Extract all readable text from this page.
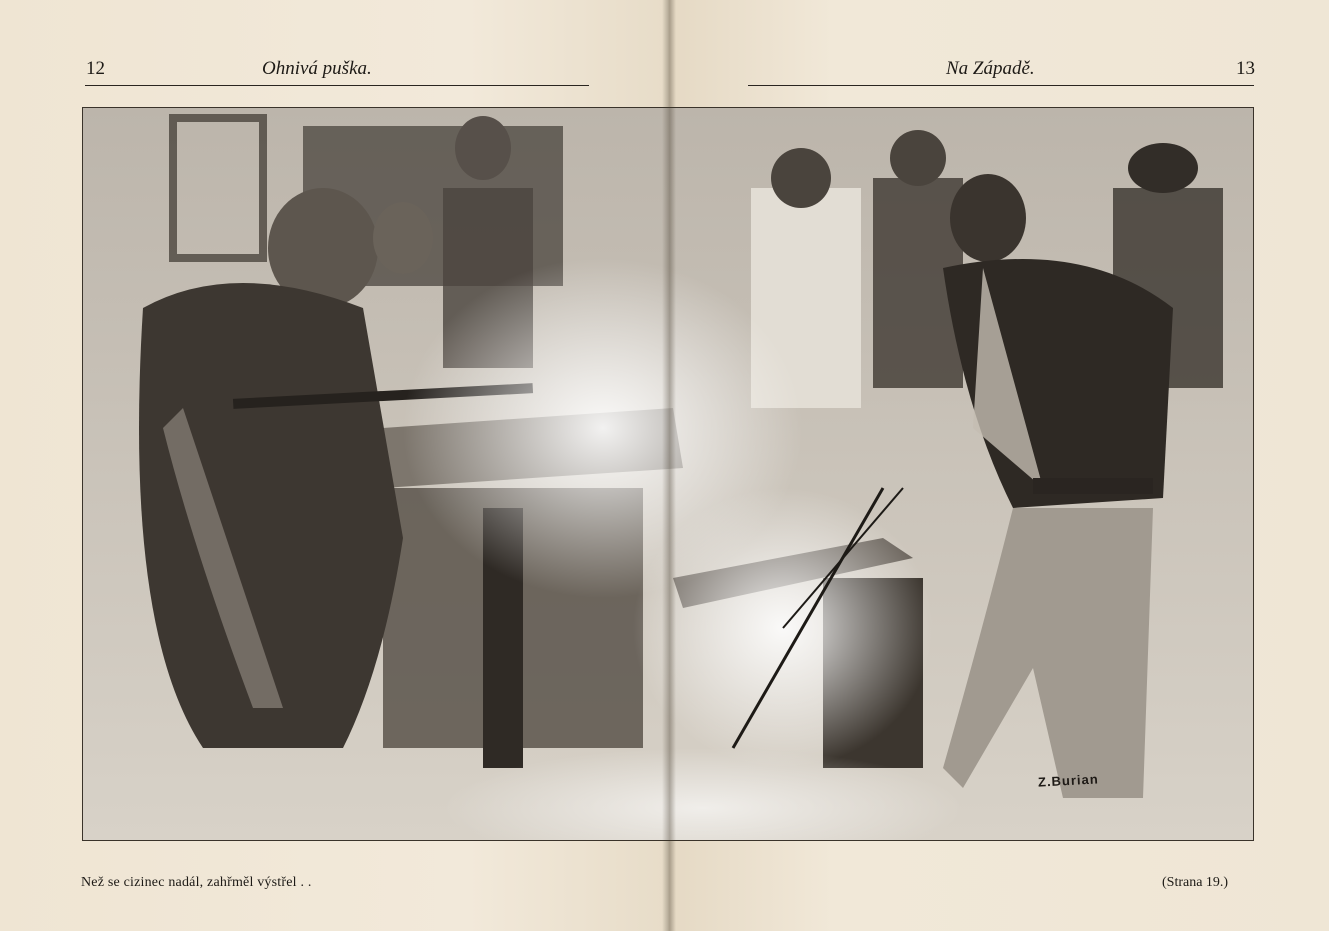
12	Ohnivá puška.	Na Západě.	13
Z.Burian
Než se cizinec nadál, zahřměl výstřel . .	(Strana 19.)
